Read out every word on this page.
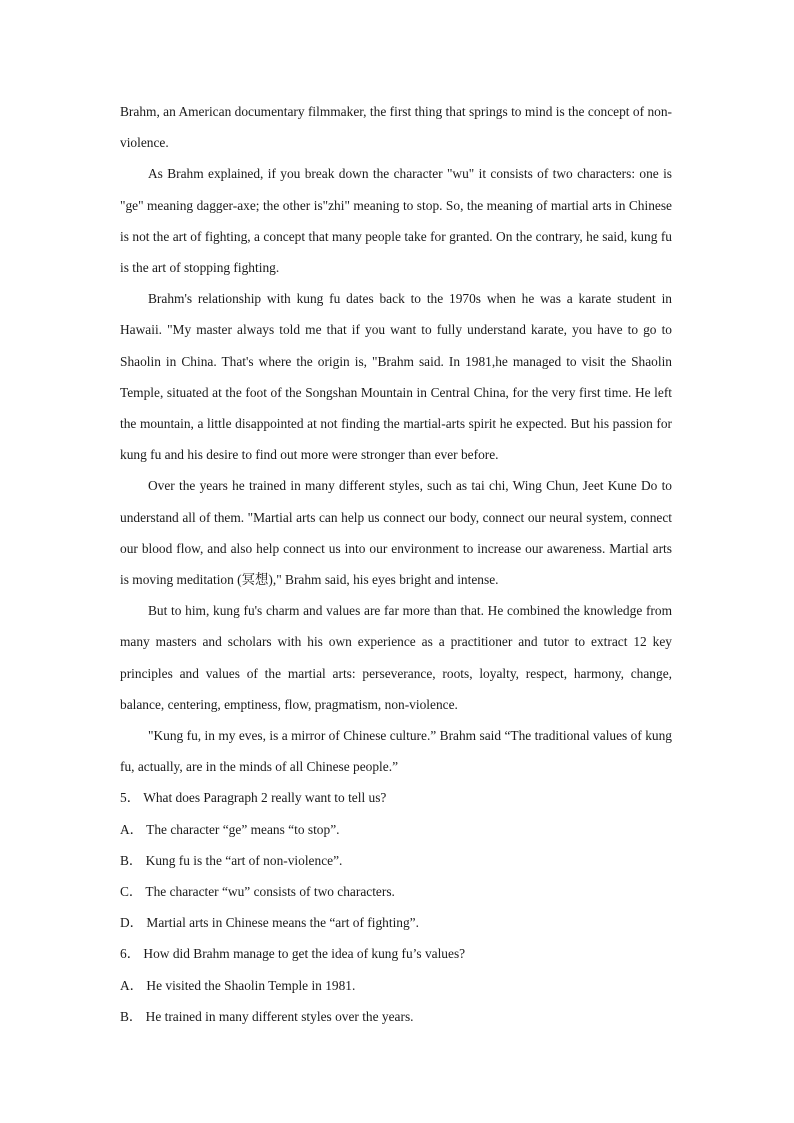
Brahm, an American documentary filmmaker, the first thing that springs to mind is the concept of non-violence.

As Brahm explained, if you break down the character "wu" it consists of two characters: one is "ge" meaning dagger-axe; the other is"zhi" meaning to stop. So, the meaning of martial arts in Chinese is not the art of fighting, a concept that many people take for granted. On the contrary, he said, kung fu is the art of stopping fighting.

Brahm's relationship with kung fu dates back to the 1970s when he was a karate student in Hawaii. "My master always told me that if you want to fully understand karate, you have to go to Shaolin in China. That's where the origin is, "Brahm said. In 1981,he managed to visit the Shaolin Temple, situated at the foot of the Songshan Mountain in Central China, for the very first time. He left the mountain, a little disappointed at not finding the martial-arts spirit he expected. But his passion for kung fu and his desire to find out more were stronger than ever before.

Over the years he trained in many different styles, such as tai chi, Wing Chun, Jeet Kune Do to understand all of them. "Martial arts can help us connect our body, connect our neural system, connect our blood flow, and also help connect us into our environment to increase our awareness. Martial arts is moving meditation (冥想)," Brahm said, his eyes bright and intense.

But to him, kung fu's charm and values are far more than that. He combined the knowledge from many masters and scholars with his own experience as a practitioner and tutor to extract 12 key principles and values of the martial arts: perseverance, roots, loyalty, respect, harmony, change, balance, centering, emptiness, flow, pragmatism, non-violence.

"Kung fu, in my eves, is a mirror of Chinese culture.” Brahm said “The traditional values of kung fu, actually, are in the minds of all Chinese people.”

5． What does Paragraph 2 really want to tell us?

A． The character “ge” means “to stop”.

B． Kung fu is the “art of non-violence”.

C． The character “wu” consists of two characters.

D． Martial arts in Chinese means the “art of fighting”.

6． How did Brahm manage to get the idea of kung fu’s values?

A． He visited the Shaolin Temple in 1981.

B． He trained in many different styles over the years.
